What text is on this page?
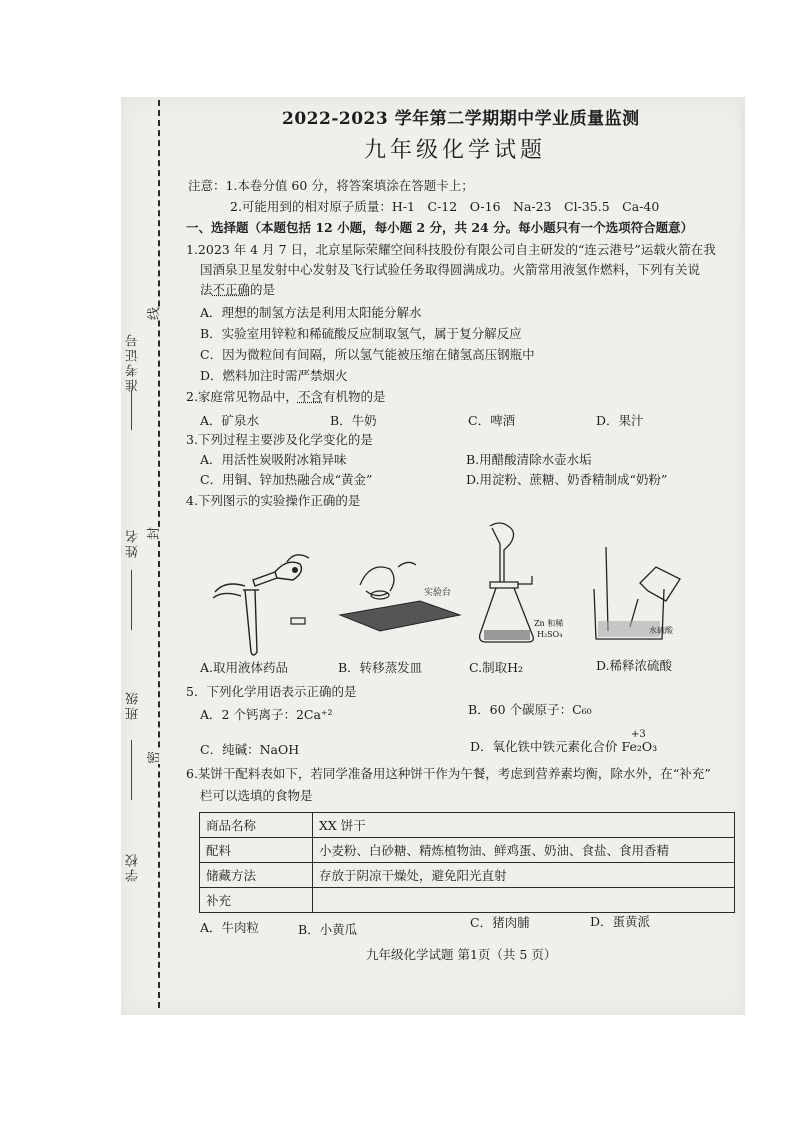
线
封
密
准考证号
姓名
班级
学校
2022-2023 学年第二学期期中学业质量监测
九年级化学试题
注意：1.本卷分值 60 分，将答案填涂在答题卡上；
2.可能用到的相对原子质量：H-1　C-12　O-16　Na-23　Cl-35.5　Ca-40
一、选择题（本题包括 12 小题，每小题 2 分，共 24 分。每小题只有一个选项符合题意）
1.2023 年 4 月 7 日，北京星际荣耀空间科技股份有限公司自主研发的“连云港号”运载火箭在我
国酒泉卫星发射中心发射及飞行试验任务取得圆满成功。火箭常用液氢作燃料，下列有关说
法不正确的是
A．理想的制氢方法是利用太阳能分解水
B．实验室用锌粒和稀硫酸反应制取氢气，属于复分解反应
C．因为微粒间有间隔，所以氢气能被压缩在储氢高压钢瓶中
D．燃料加注时需严禁烟火
2.家庭常见物品中，不含有机物的是
A．矿泉水	B．牛奶	C．啤酒	D．果汁
3.下列过程主要涉及化学变化的是
A．用活性炭吸附冰箱异味	B.用醋酸清除水壶水垢
C．用铜、锌加热融合成“黄金”	D.用淀粉、蔗糖、奶香精制成“奶粉”
4.下列图示的实验操作正确的是
实验台
Zn 和稀
H₂SO₄	水硫酸
A.取用液体药品	B．转移蒸发皿	C.制取H₂	D.稀释浓硫酸
5．下列化学用语表示正确的是
A．2 个钙离子：2Ca⁺²	B．60 个碳原子：C₆₀
C．纯碱：NaOH
+3
D．氧化铁中铁元素化合价 Fe₂O₃
6.某饼干配料表如下，若同学准备用这种饼干作为午餐，考虑到营养素均衡，除水外，在“补充”
栏可以选填的食物是
商品名称	XX 饼干
配料	小麦粉、白砂糖、精炼植物油、鲜鸡蛋、奶油、食盐、食用香精
储藏方法	存放于阴凉干燥处，避免阳光直射
补充	
A．牛肉粒	B．小黄瓜	C．猪肉脯	D．蛋黄派
九年级化学试题 第1页（共 5 页）
